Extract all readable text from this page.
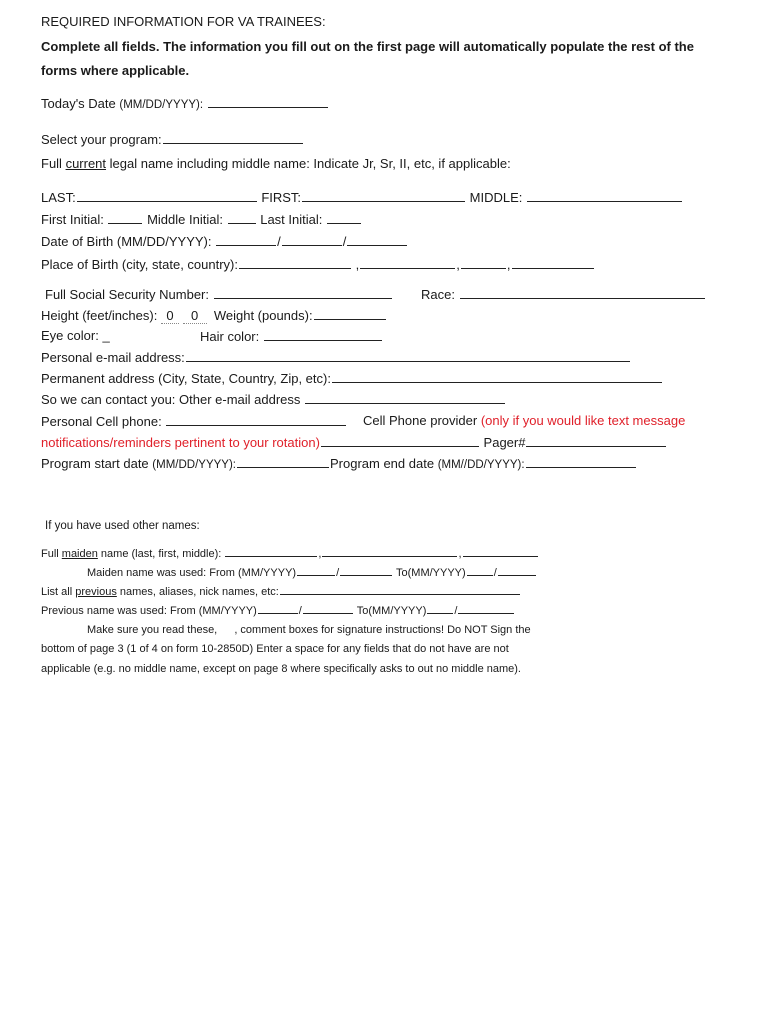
REQUIRED INFORMATION FOR VA TRAINEES:
Complete all fields. The information you fill out on the first page will automatically populate the rest of the
forms where applicable.
Today's Date (MM/DD/YYYY):
Select your program:
Full current legal name including middle name: Indicate Jr, Sr, II, etc, if applicable:
LAST:	FIRST:	MIDDLE:
First Initial:	Middle Initial:	Last Initial:
Date of Birth (MM/DD/YYYY):	/	/
Place of Birth (city, state, country):	,	,	,
Full Social Security Number:	Race:
Height (feet/inches): 0 0 Weight (pounds):
Eye color: _	Hair color:
Personal e-mail address:
Permanent address (City, State, Country, Zip, etc):
So we can contact you: Other e-mail address
Personal Cell phone:	Cell Phone provider (only if you would like text message
notifications/reminders pertinent to your rotation)	Pager#
Program start date (MM/DD/YYYY):	Program end date (MM//DD/YYYY):
If you have used other names:
Full maiden name (last, first, middle):	,	,
Maiden name was used: From (MM/YYYY)	/	To(MM/YYYY)	/
List all previous names, aliases, nick names, etc:
Previous name was used: From (MM/YYYY)	/	To(MM/YYYY)	/
Make sure you read these, , comment boxes for signature instructions! Do NOT Sign the
bottom of page 3 (1 of 4 on form 10-2850D) Enter a space for any fields that do not have are not
applicable (e.g. no middle name, except on page 8 where specifically asks to out no middle name).
